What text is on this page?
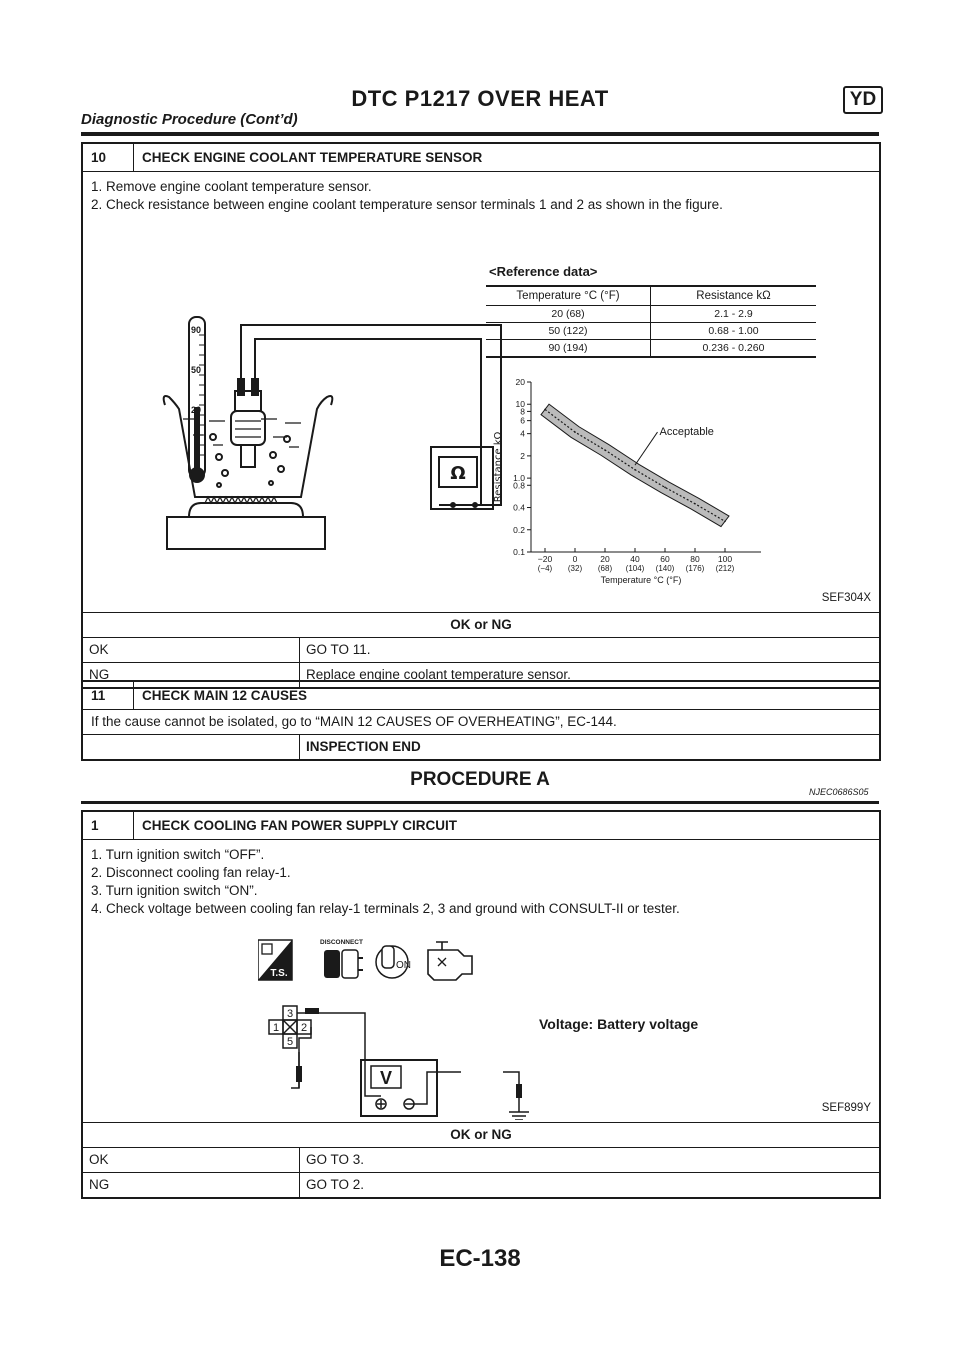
DTC P1217 OVER HEAT	YD
Diagnostic Procedure (Cont’d)
10	CHECK ENGINE COOLANT TEMPERATURE SENSOR
1. Remove engine coolant temperature sensor.
2. Check resistance between engine coolant temperature sensor terminals 1 and 2 as shown in the figure.
Ω
90
50
20
<Reference data>
Temperature °C (°F)	Resistance kΩ
20 (68)	2.1 - 2.9
50 (122)	0.68 - 1.00
90 (194)	0.236 - 0.260
20
10
8
6
4
2
1.0
0.8
0.4
0.2
0.1
−20
(−4)
0
(32)
20
(68)
40
(104)
60
(140)
80
(176)
100
(212)
Acceptable
Temperature °C (°F)
Resistance kΩ
SEF304X
OK or NG
OK	GO TO 11.
NG	Replace engine coolant temperature sensor.
11	CHECK MAIN 12 CAUSES
If the cause cannot be isolated, go to “MAIN 12 CAUSES OF OVERHEATING”, EC-144.
INSPECTION END
PROCEDURE A
NJEC0686S05
1	CHECK COOLING FAN POWER SUPPLY CIRCUIT
1. Turn ignition switch “OFF”.
2. Disconnect cooling fan relay-1.
3. Turn ignition switch “ON”.
4. Check voltage between cooling fan relay-1 terminals 2, 3 and ground with CONSULT-II or tester.
T.S.
DISCONNECT
ON
3
1 2
5
V
Voltage: Battery voltage
SEF899Y
OK or NG
OK	GO TO 3.
NG	GO TO 2.
EC-138
